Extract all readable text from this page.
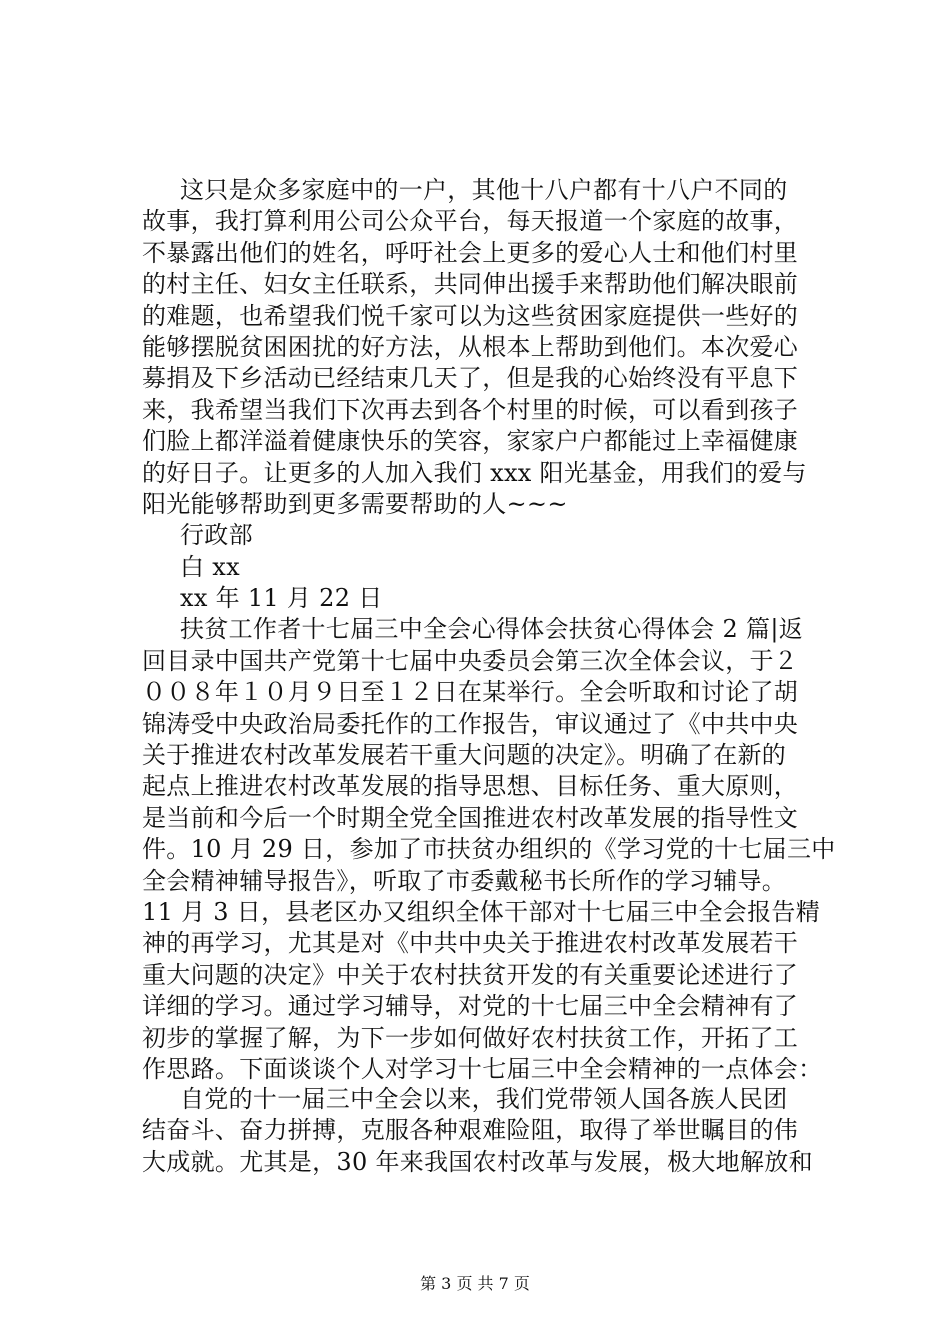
这只是众多家庭中的一户，其他十八户都有十八户不同的
故事，我打算利用公司公众平台，每天报道一个家庭的故事，
不暴露出他们的姓名，呼吁社会上更多的爱心人士和他们村里
的村主任、妇女主任联系，共同伸出援手来帮助他们解决眼前
的难题，也希望我们悦千家可以为这些贫困家庭提供一些好的
能够摆脱贫困困扰的好方法，从根本上帮助到他们。本次爱心
募捐及下乡活动已经结束几天了，但是我的心始终没有平息下
来，我希望当我们下次再去到各个村里的时候，可以看到孩子
们脸上都洋溢着健康快乐的笑容，家家户户都能过上幸福健康
的好日子。让更多的人加入我们 xxx 阳光基金，用我们的爱与
阳光能够帮助到更多需要帮助的人~~~
行政部
白 xx
xx 年 11 月 22 日
扶贫工作者十七届三中全会心得体会扶贫心得体会 2 篇|返
回目录中国共产党第十七届中央委员会第三次全体会议，于２
００８年１０月９日至１２日在某举行。全会听取和讨论了胡
锦涛受中央政治局委托作的工作报告，审议通过了《中共中央
关于推进农村改革发展若干重大问题的决定》。明确了在新的
起点上推进农村改革发展的指导思想、目标任务、重大原则，
是当前和今后一个时期全党全国推进农村改革发展的指导性文
件。10 月 29 日，参加了市扶贫办组织的《学习党的十七届三中
全会精神辅导报告》，听取了市委戴秘书长所作的学习辅导。
11 月 3 日，县老区办又组织全体干部对十七届三中全会报告精
神的再学习，尤其是对《中共中央关于推进农村改革发展若干
重大问题的决定》中关于农村扶贫开发的有关重要论述进行了
详细的学习。通过学习辅导，对党的十七届三中全会精神有了
初步的掌握了解，为下一步如何做好农村扶贫工作，开拓了工
作思路。下面谈谈个人对学习十七届三中全会精神的一点体会：
自党的十一届三中全会以来，我们党带领人国各族人民团
结奋斗、奋力拼搏，克服各种艰难险阻，取得了举世瞩目的伟
大成就。尤其是，30 年来我国农村改革与发展，极大地解放和
第 3 页 共 7 页
